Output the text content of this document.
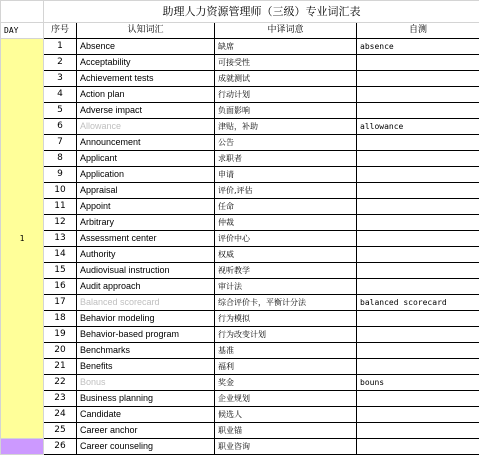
	助理人力资源管理师（三级）专业词汇表			
DAY	序号	认知词汇	中译词意	自测
1	1	Absence	缺席	absence
	2	Acceptability	可接受性	
	3	Achievement tests	成就测试	
	4	Action plan	行动计划	
	5	Adverse impact	负面影响	
	6	Allowance	津贴，补助	allowance
	7	Announcement	公告	
	8	Applicant	求职者	
	9	Application	申请	
	10	Appraisal	评价,评估	
	11	Appoint	任命	
	12	Arbitrary	仲裁	
	13	Assessment center	评价中心	
	14	Authority	权威	
	15	Audiovisual instruction	视听教学	
	16	Audit approach	审计法	
	17	Balanced scorecard	综合评价卡，平衡计分法	balanced scorecard
	18	Behavior modeling	行为模拟	
	19	Behavior-based program	行为改变计划	
	20	Benchmarks	基准	
	21	Benefits	福利	
	22	Bonus	奖金	bouns
	23	Business planning	企业规划	
	24	Candidate	候选人	
	25	Career anchor	职业锚	
	26	Career counseling	职业咨询	
